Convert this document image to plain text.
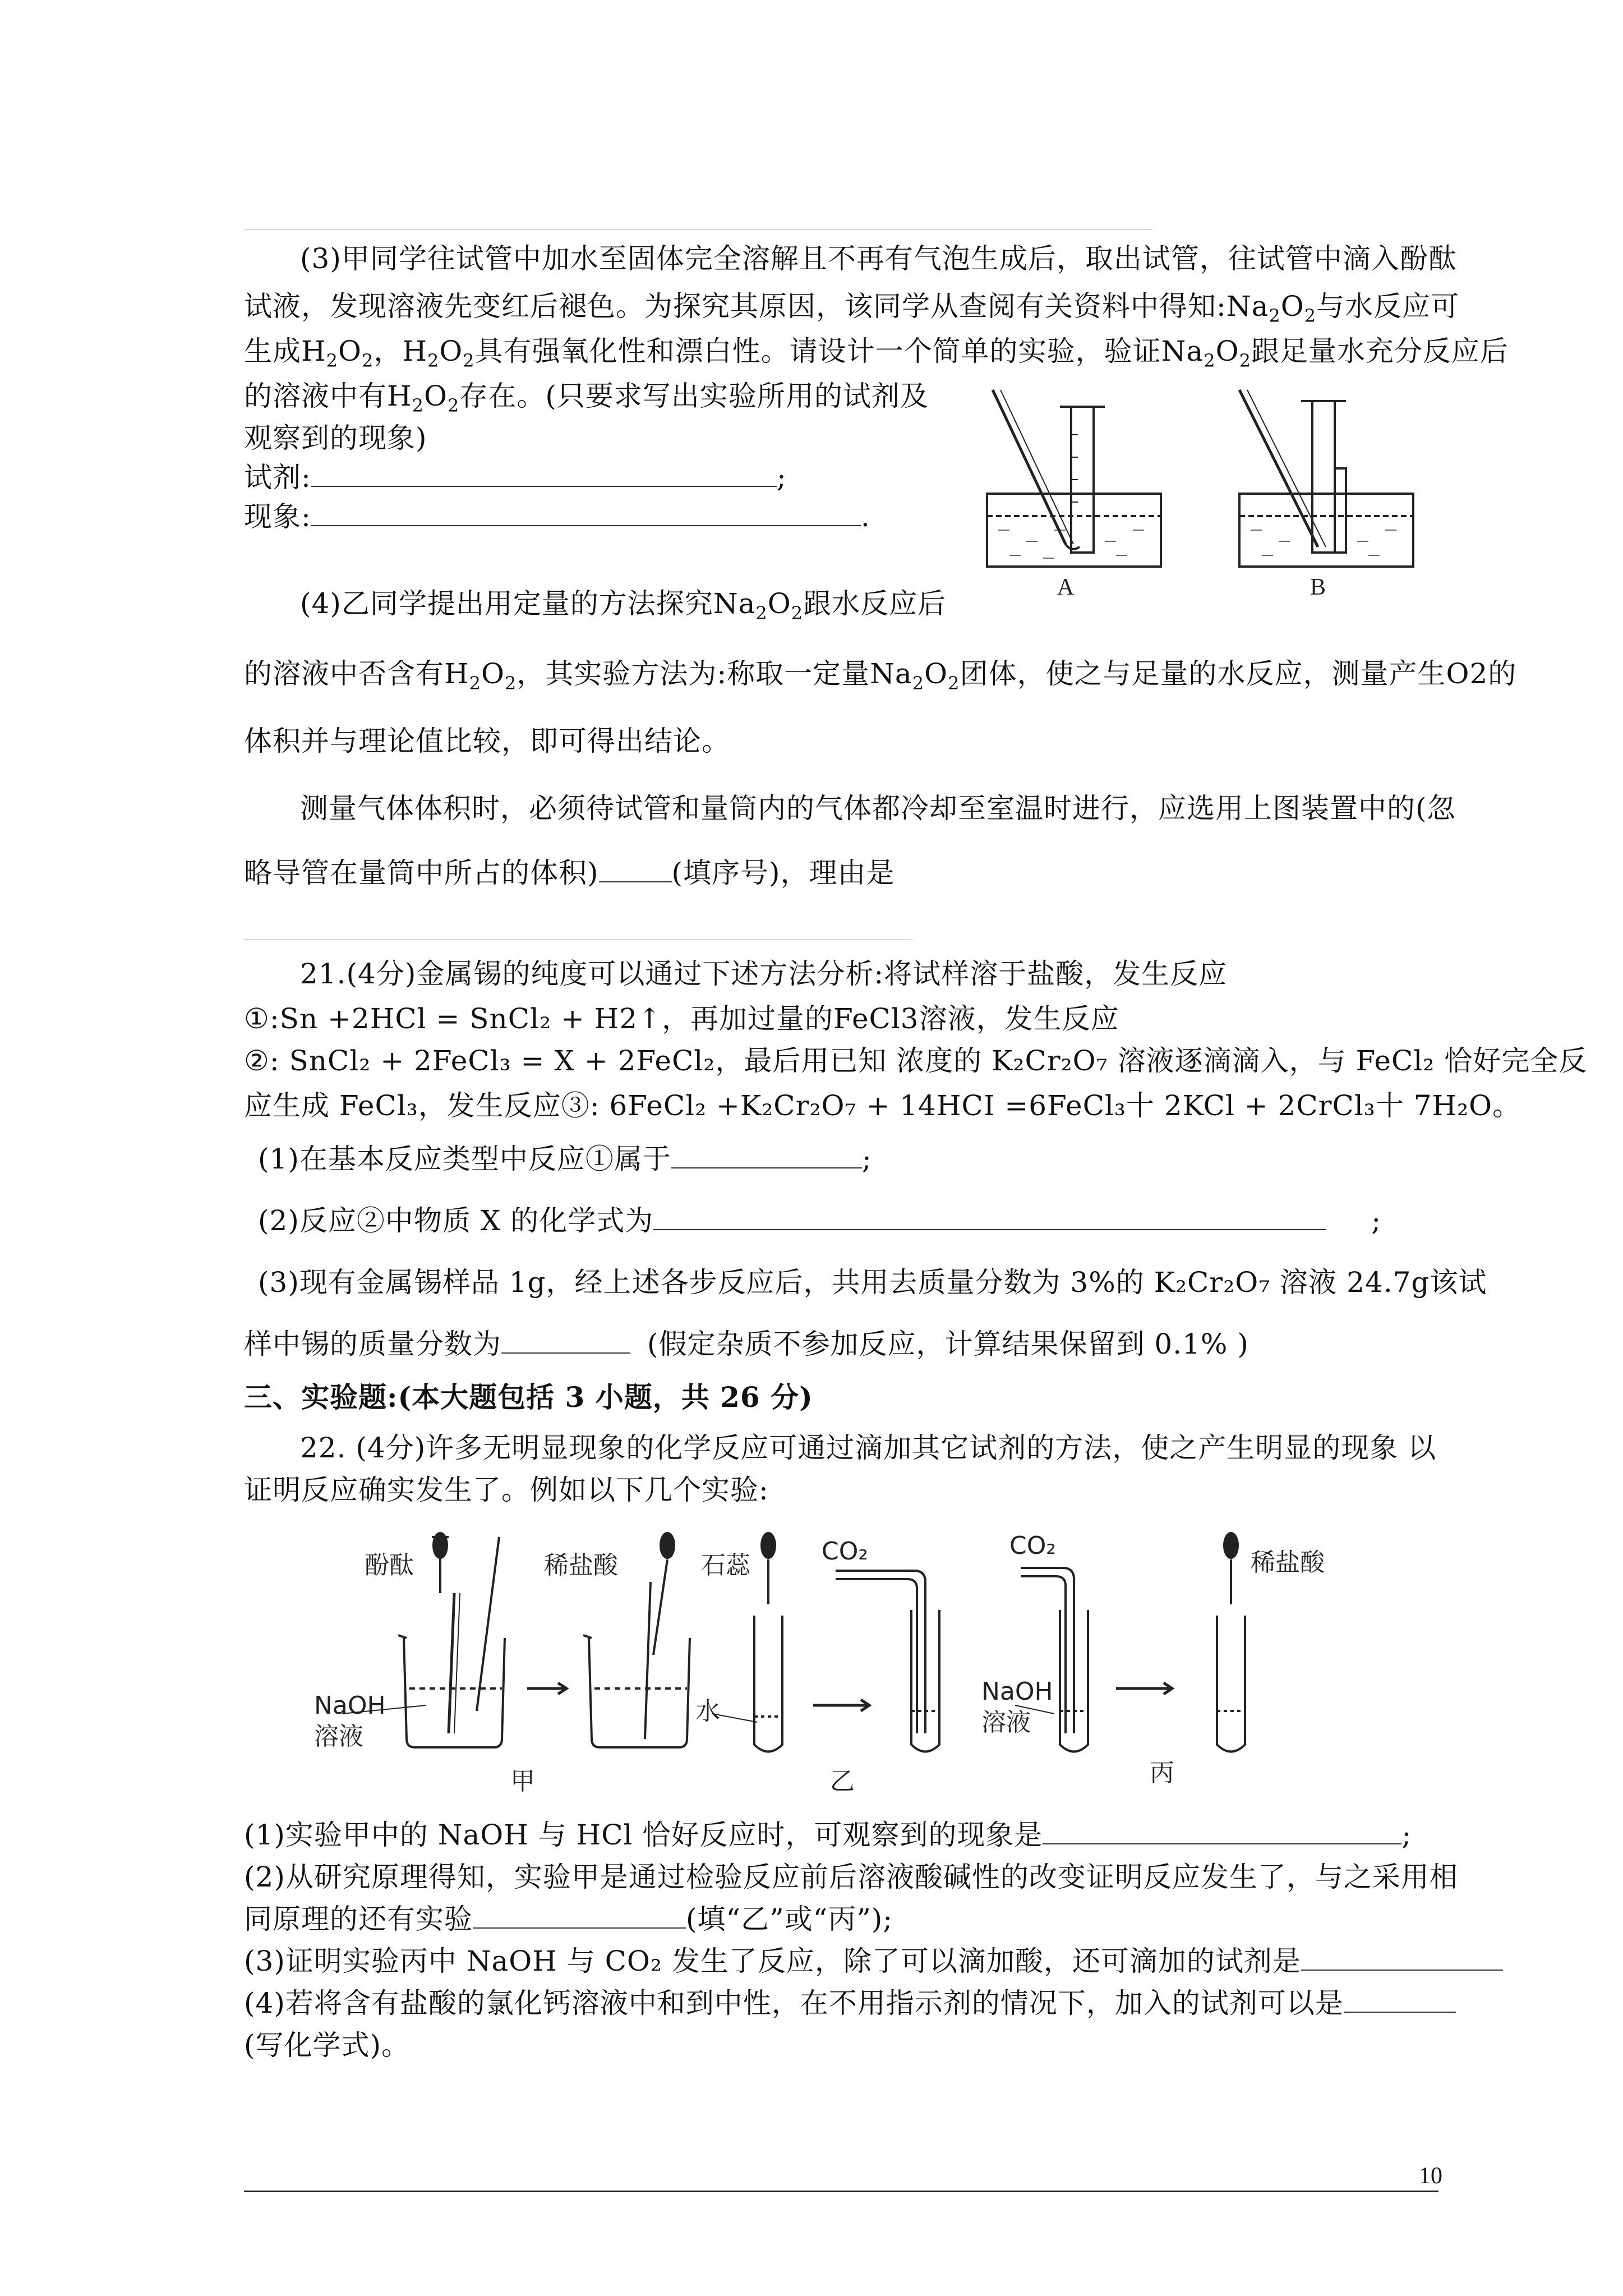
(3)甲同学往试管中加水至固体完全溶解且不再有气泡生成后，取出试管，往试管中滴入酚酞
试液，发现溶液先变红后褪色。为探究其原因，该同学从查阅有关资料中得知$:Na_2O_2$与水反应可
生成$H_2O_2$，$H_2O_2$具有强氧化性和漂白性。请设计一个简单的实验，验证$Na_2O_2$跟足量水充分反应后
的溶液中有$H_2O_2$存在。(只要求写出实验所用的试剂及
观察到的现象)
试剂:	;
现象:	.
A	B
(4)乙同学提出用定量的方法探究$Na_2O_2$跟水反应后
的溶液中否含有$H_2O_2$，其实验方法为:称取一定量$Na_2O_2$团体，使之与足量的水反应，测量产生O2的
体积并与理论值比较，即可得出结论。
测量气体体积时，必须待试管和量筒内的气体都冷却至室温时进行，应选用上图装置中的(忽
略导管在量筒中所占的体积)	(填序号)，理由是
21.(4分)金属锡的纯度可以通过下述方法分析:将试样溶于盐酸，发生反应
①:Sn +2HCl = SnCl₂ + H2↑，再加过量的FeCl3溶液，发生反应
②: SnCl₂ + 2FeCl₃ = X + 2FeCl₂，最后用已知 浓度的 K₂Cr₂O₇ 溶液逐滴滴入，与 FeCl₂ 恰好完全反
应生成 FeCl₃，发生反应③: 6FeCl₂ +K₂Cr₂O₇ + 14HCI =6FeCl₃十 2KCl + 2CrCl₃十 7H₂O。
(1)在基本反应类型中反应①属于	;
(2)反应②中物质 X 的化学式为	;
(3)现有金属锡样品 1g，经上述各步反应后，共用去质量分数为 3%的 K₂Cr₂O₇ 溶液 24.7g该试
样中锡的质量分数为	(假定杂质不参加反应，计算结果保留到 0.1% )
三、实验题:(本大题包括 3 小题，共 26 分)
22. (4分)许多无明显现象的化学反应可通过滴加其它试剂的方法，使之产生明显的现象 以
证明反应确实发生了。例如以下几个实验:
酚酞	稀盐酸
NaOH
溶液
甲
石蕊	CO₂
水
乙
CO₂
稀盐酸
NaOH
溶液
丙
(1)实验甲中的 NaOH 与 HCl 恰好反应时，可观察到的现象是	;
(2)从研究原理得知，实验甲是通过检验反应前后溶液酸碱性的改变证明反应发生了，与之采用相
同原理的还有实验	(填“乙”或“丙”);
(3)证明实验丙中 NaOH 与 CO₂ 发生了反应，除了可以滴加酸，还可滴加的试剂是
(4)若将含有盐酸的氯化钙溶液中和到中性，在不用指示剂的情况下，加入的试剂可以是
(写化学式)。
10
